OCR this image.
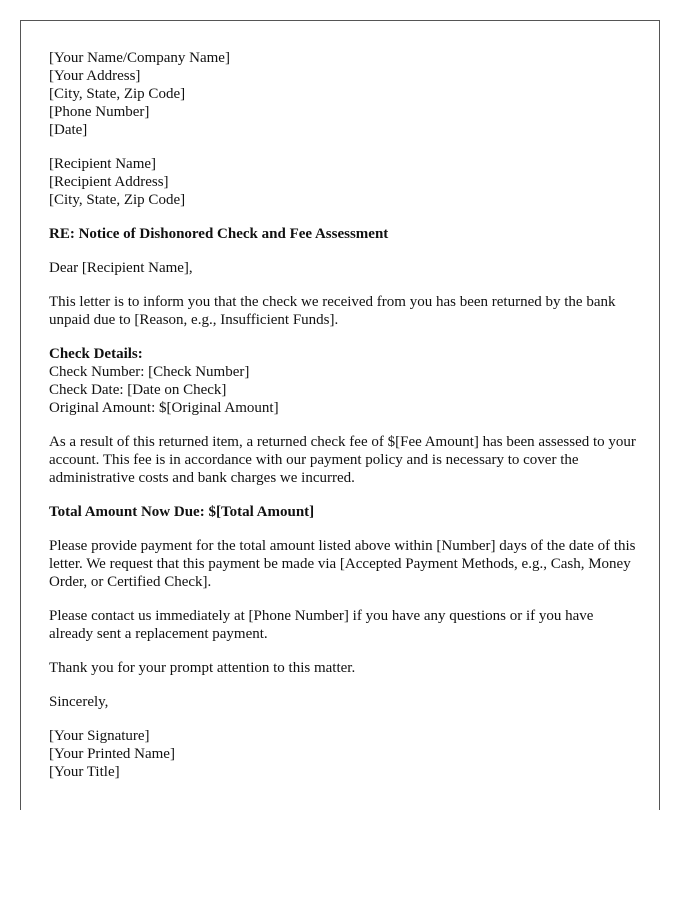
[Your Name/Company Name]
[Your Address]
[City, State, Zip Code]
[Phone Number]
[Date]
[Recipient Name]
[Recipient Address]
[City, State, Zip Code]
RE: Notice of Dishonored Check and Fee Assessment
Dear [Recipient Name],
This letter is to inform you that the check we received from you has been returned by the bank unpaid due to [Reason, e.g., Insufficient Funds].
Check Details:
Check Number: [Check Number]
Check Date: [Date on Check]
Original Amount: $[Original Amount]
As a result of this returned item, a returned check fee of $[Fee Amount] has been assessed to your account. This fee is in accordance with our payment policy and is necessary to cover the administrative costs and bank charges we incurred.
Total Amount Now Due: $[Total Amount]
Please provide payment for the total amount listed above within [Number] days of the date of this letter. We request that this payment be made via [Accepted Payment Methods, e.g., Cash, Money Order, or Certified Check].
Please contact us immediately at [Phone Number] if you have any questions or if you have already sent a replacement payment.
Thank you for your prompt attention to this matter.
Sincerely,
[Your Signature]
[Your Printed Name]
[Your Title]
